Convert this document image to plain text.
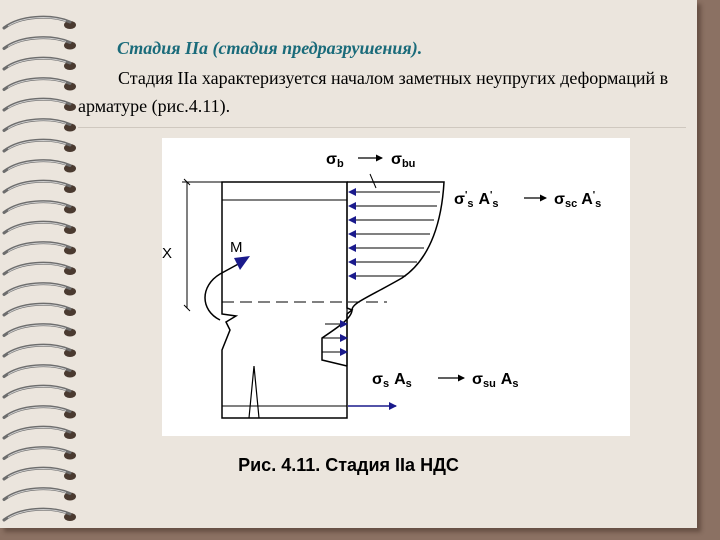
Стадия IIa (стадия предразрушения).
Стадия IIа характеризуется началом заметных неупругих деформаций в арматуре (рис.4.11).
X	M
σb	σbu
$\sigma'_s$ $A'_s$	σsc $A'_s$
σs As	σsu As
Рис. 4.11. Стадия IIa НДС
